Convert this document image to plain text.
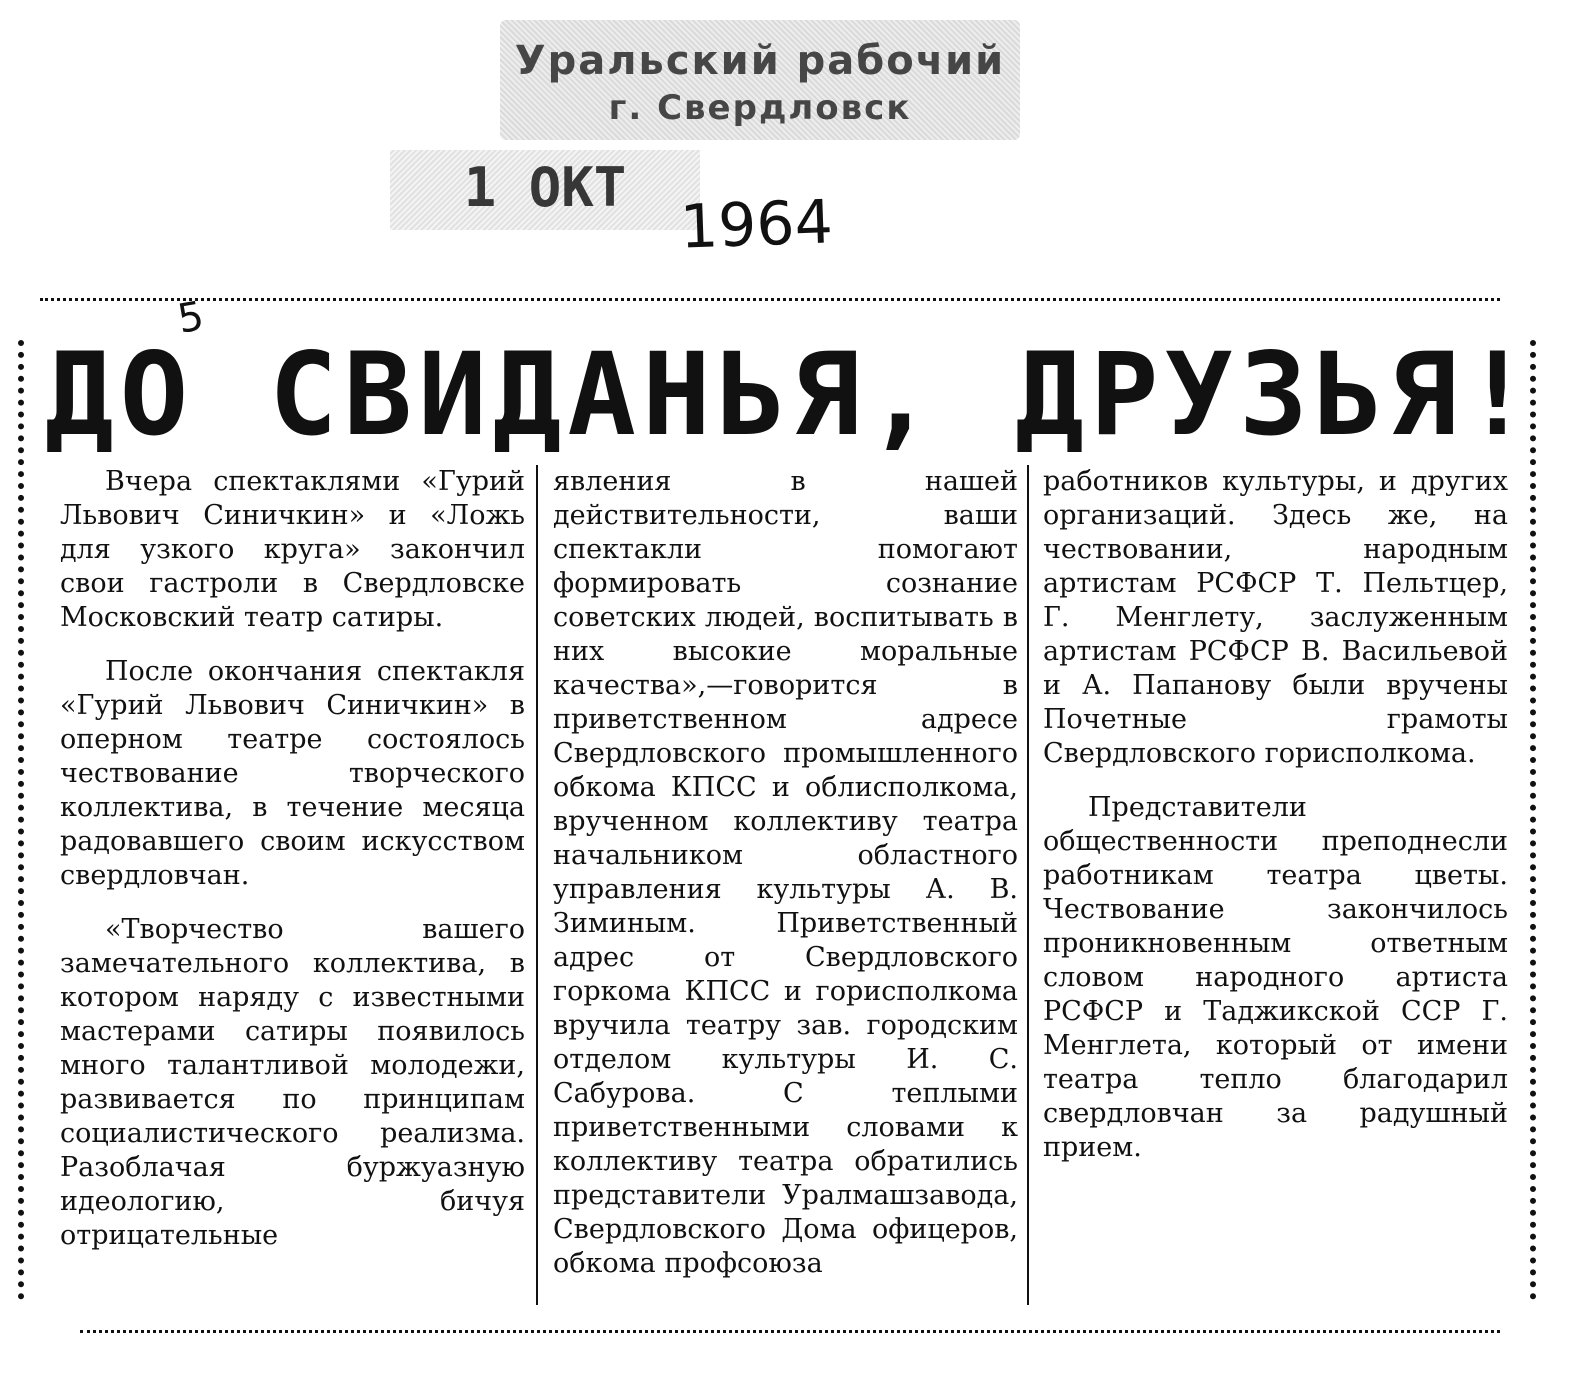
Уральский рабочий
г. Свердловск
1 ОКТ 1964
5
ДО СВИДАНЬЯ, ДРУЗЬЯ!

Вчера спектаклями «Гурий Львович Синичкин» и «Ложь для узкого круга» закончил свои гастроли в Свердловске Московский театр сатиры.

После окончания спектакля «Гурий Львович Синичкин» в оперном театре состоялось чествование творческого коллектива, в течение месяца радовавшего своим искусством свердловчан.

«Творчество вашего замечательного коллектива, в котором наряду с известными мастерами сатиры появилось много талантливой молодежи, развивается по принципам социалистического реализма. Разоблачая буржуазную идеологию, бичуя отрицательные

явления в нашей действительности, ваши спектакли помогают формировать сознание советских людей, воспитывать в них высокие моральные качества»,—говорится в приветственном адресе Свердловского промышленного обкома КПСС и облисполкома, врученном коллективу театра начальником областного управления культуры А. В. Зиминым. Приветственный адрес от Свердловского горкома КПСС и горисполкома вручила театру зав. городским отделом культуры И. С. Сабурова. С теплыми приветственными словами к коллективу театра обратились представители Уралмашзавода, Свердловского Дома офицеров, обкома профсоюза

работников культуры, и других организаций. Здесь же, на чествовании, народным артистам РСФСР Т. Пельтцер, Г. Менглету, заслуженным артистам РСФСР В. Васильевой и А. Папанову были вручены Почетные грамоты Свердловского горисполкома.

Представители общественности преподнесли работникам театра цветы. Чествование закончилось проникновенным ответным словом народного артиста РСФСР и Таджикской ССР Г. Менглета, который от имени театра тепло благодарил свердловчан за радушный прием.
